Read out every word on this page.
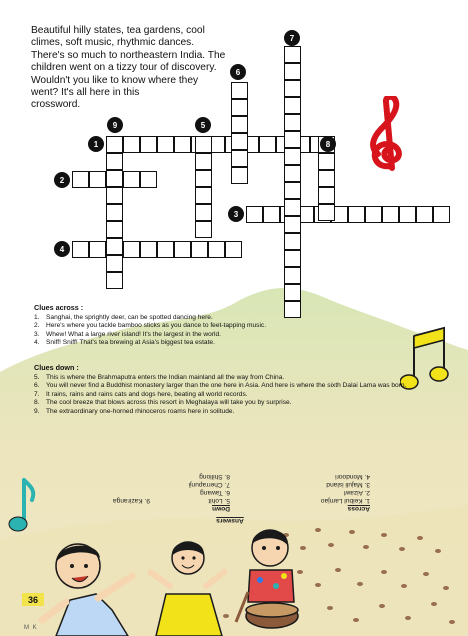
Beautiful hilly states, tea gardens, cool
climes, soft music, rhythmic dances.
There's so much to northeastern India. The
children went on a tizzy tour of discovery.
Wouldn't you like to know where they
went? It's all here in this
crossword.
1
2
3
4
5
6
7
8
9
Clues across :
1. Sanghai, the sprightly deer, can be spotted dancing here.
2. Here's where you tackle bamboo sticks as you dance to feet-tapping music.
3. Whew! What a large river island! It's the largest in the world.
4. Sniff! Sniff! That's tea brewing at Asia's biggest tea estate.
Clues down :
5. This is where the Brahmaputra enters the Indian mainland all the way from China.
6. You will never find a Buddhist monastery larger than the one here in Asia. And here is where the sixth Dalai Lama was born.
7. It rains, rains and rains cats and dogs here, beating all world records.
8. The cool breeze that blows across this resort in Meghalaya will take you by surprise.
9. The extraordinary one-horned rhinoceros roams here in solitude.
Answers
Across
1. Keibul Lamjao
2. Aizawl
3. Majuli island
4. Mondoori
Down
5. Lohit
6. Tawang
7. Cherrapunji
8. Shillong
9. Kaziranga
36
M K
